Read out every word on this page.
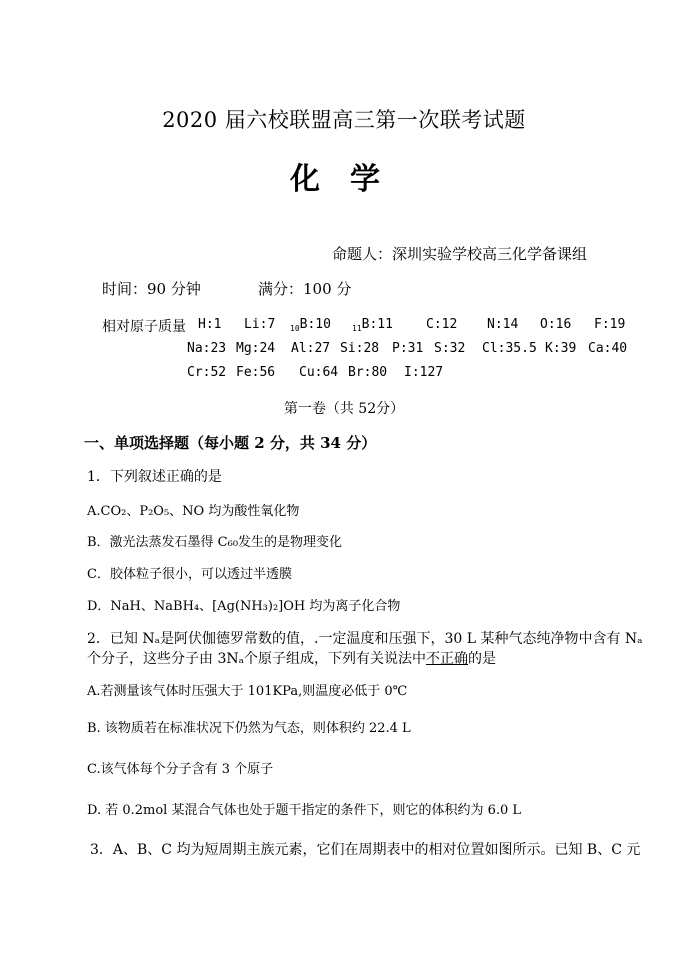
2020 届六校联盟高三第一次联考试题
化学
命题人：深圳实验学校高三化学备课组
时间：90 分钟	满分：100 分
相对原子质量 H:1 Li:7 $_{10}$B:10	$_{11}$B:11	C:12 N:14 O:16 F:19
Na:23 Mg:24 Al:27 Si:28 P:31 S:32 Cl:35.5 K:39 Ca:40
Cr:52 Fe:56 Cu:64 Br:80 I:127
第一卷（共 52分）
一、单项选择题（每小题 2 分，共 34 分）
1．下列叙述正确的是
A.CO₂、P₂O₅、NO 均为酸性氧化物
B．激光法蒸发石墨得 C₆₀发生的是物理变化
C．胶体粒子很小，可以透过半透膜
D．NaH、NaBH₄、[Ag(NH₃)₂]OH 均为离子化合物
2．已知 Nₐ是阿伏伽德罗常数的值，.一定温度和压强下，30 L 某种气态纯净物中含有 Nₐ
个分子，这些分子由 3Nₐ个原子组成，下列有关说法中不正确的是
A.若测量该气体时压强大于 101KPa,则温度必低于 0℃
B. 该物质若在标准状况下仍然为气态，则体积约 22.4 L
C.该气体每个分子含有 3 个原子
D. 若 0.2mol 某混合气体也处于题干指定的条件下，则它的体积约为 6.0 L
3．A、B、C 均为短周期主族元素，它们在周期表中的相对位置如图所示。已知 B、C 元
